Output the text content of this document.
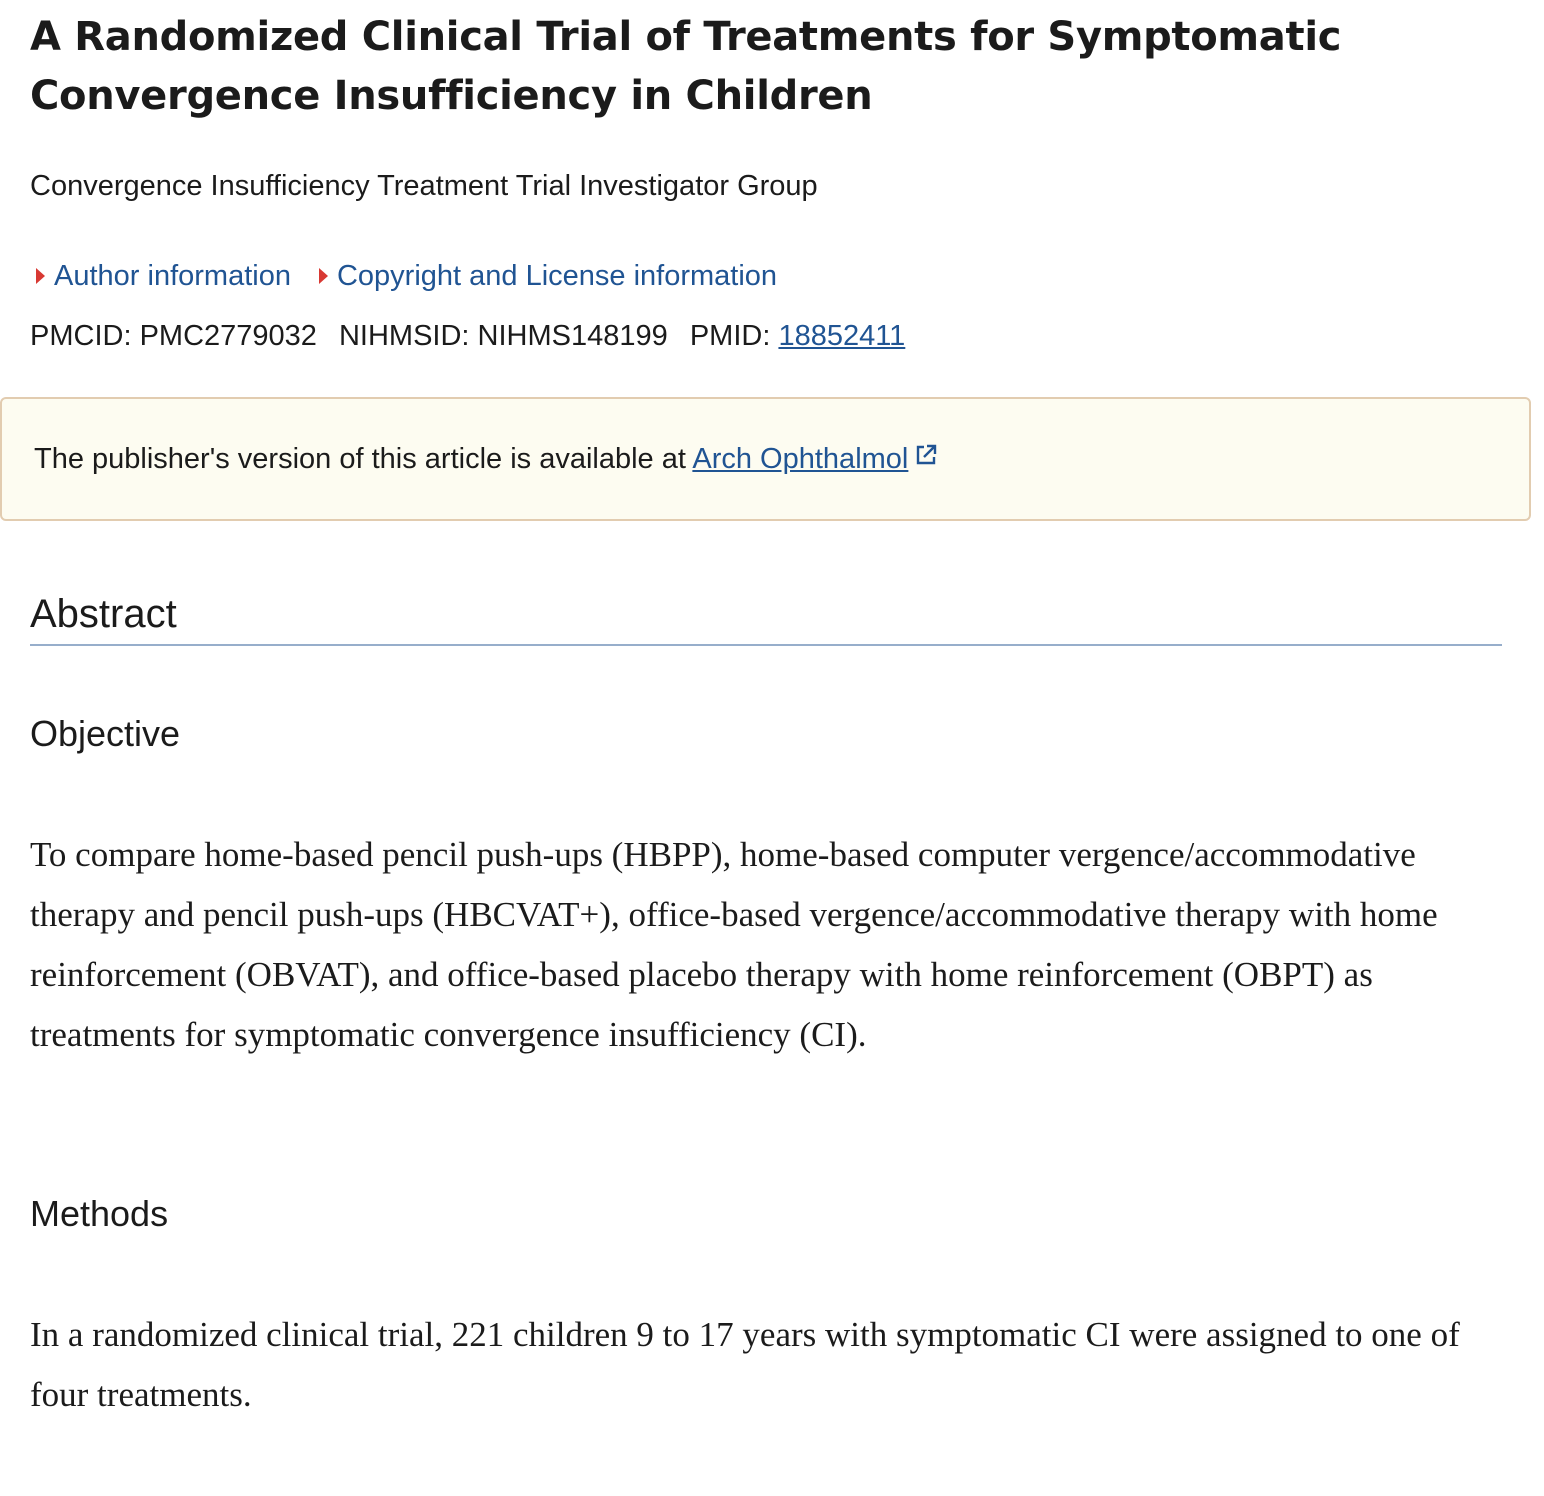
A Randomized Clinical Trial of Treatments for Symptomatic Convergence Insufficiency in Children
Convergence Insufficiency Treatment Trial Investigator Group
Author information Copyright and License information
PMCID: PMC2779032 NIHMSID: NIHMS148199 PMID: 18852411
The publisher's version of this article is available at Arch Ophthalmol
Abstract
Objective

To compare home-based pencil push-ups (HBPP), home-based computer vergence/accommodative therapy and pencil push-ups (HBCVAT+), office-based vergence/accommodative therapy with home reinforcement (OBVAT), and office-based placebo therapy with home reinforcement (OBPT) as treatments for symptomatic convergence insufficiency (CI).

Methods

In a randomized clinical trial, 221 children 9 to 17 years with symptomatic CI were assigned to one of four treatments.
